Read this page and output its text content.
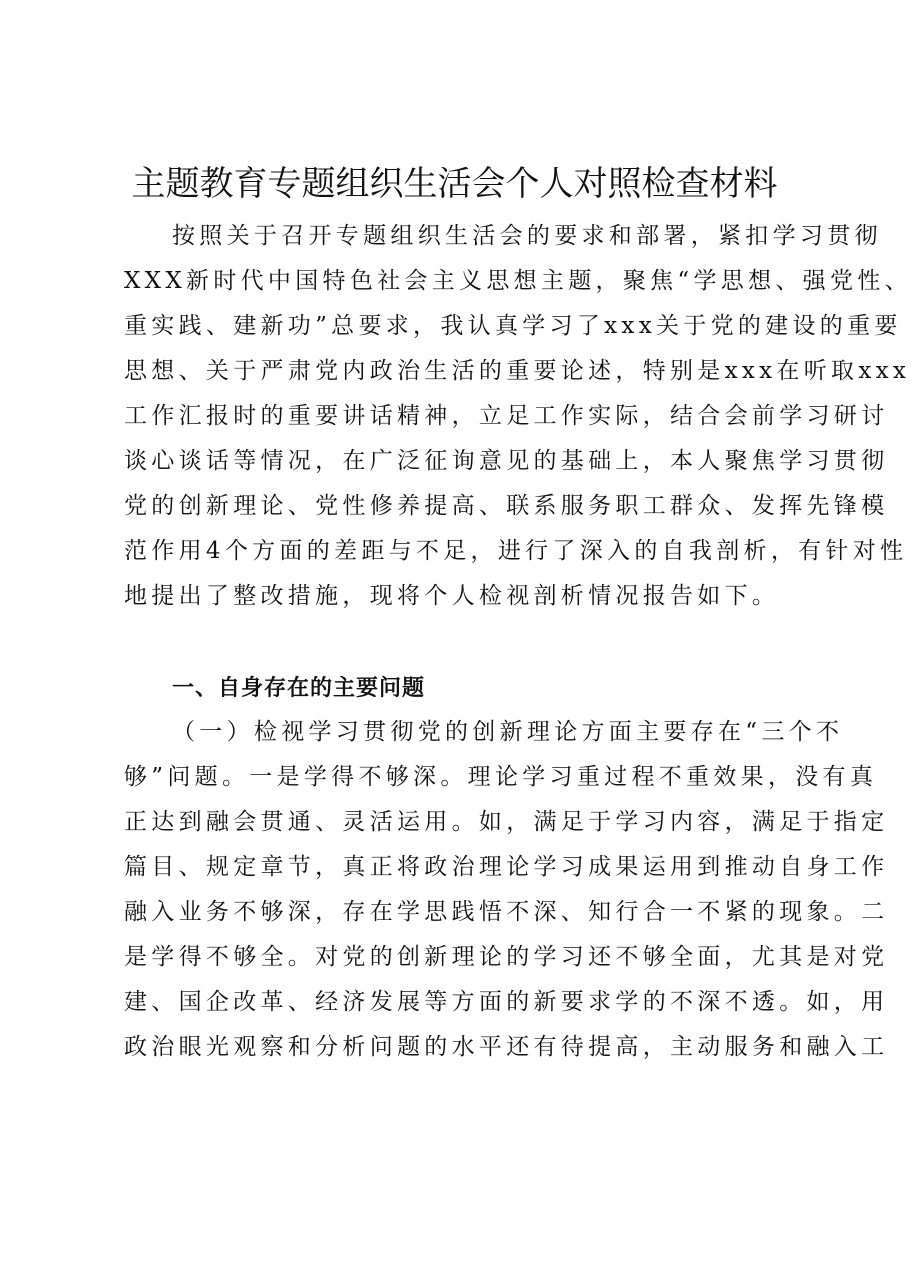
主题教育专题组织生活会个人对照检查材料
按照关于召开专题组织生活会的要求和部署，紧扣学习贯彻
XXX新时代中国特色社会主义思想主题，聚焦“学思想、强党性、
重实践、建新功”总要求，我认真学习了xxx关于党的建设的重要
思想、关于严肃党内政治生活的重要论述，特别是xxx在听取xxx
工作汇报时的重要讲话精神，立足工作实际，结合会前学习研讨
谈心谈话等情况，在广泛征询意见的基础上，本人聚焦学习贯彻
党的创新理论、党性修养提高、联系服务职工群众、发挥先锋模
范作用4个方面的差距与不足，进行了深入的自我剖析，有针对性
地提出了整改措施，现将个人检视剖析情况报告如下。
一、自身存在的主要问题
（一）检视学习贯彻党的创新理论方面主要存在“三个不
够”问题。一是学得不够深。理论学习重过程不重效果，没有真
正达到融会贯通、灵活运用。如，满足于学习内容，满足于指定
篇目、规定章节，真正将政治理论学习成果运用到推动自身工作
融入业务不够深，存在学思践悟不深、知行合一不紧的现象。二
是学得不够全。对党的创新理论的学习还不够全面，尤其是对党
建、国企改革、经济发展等方面的新要求学的不深不透。如，用
政治眼光观察和分析问题的水平还有待提高，主动服务和融入工
